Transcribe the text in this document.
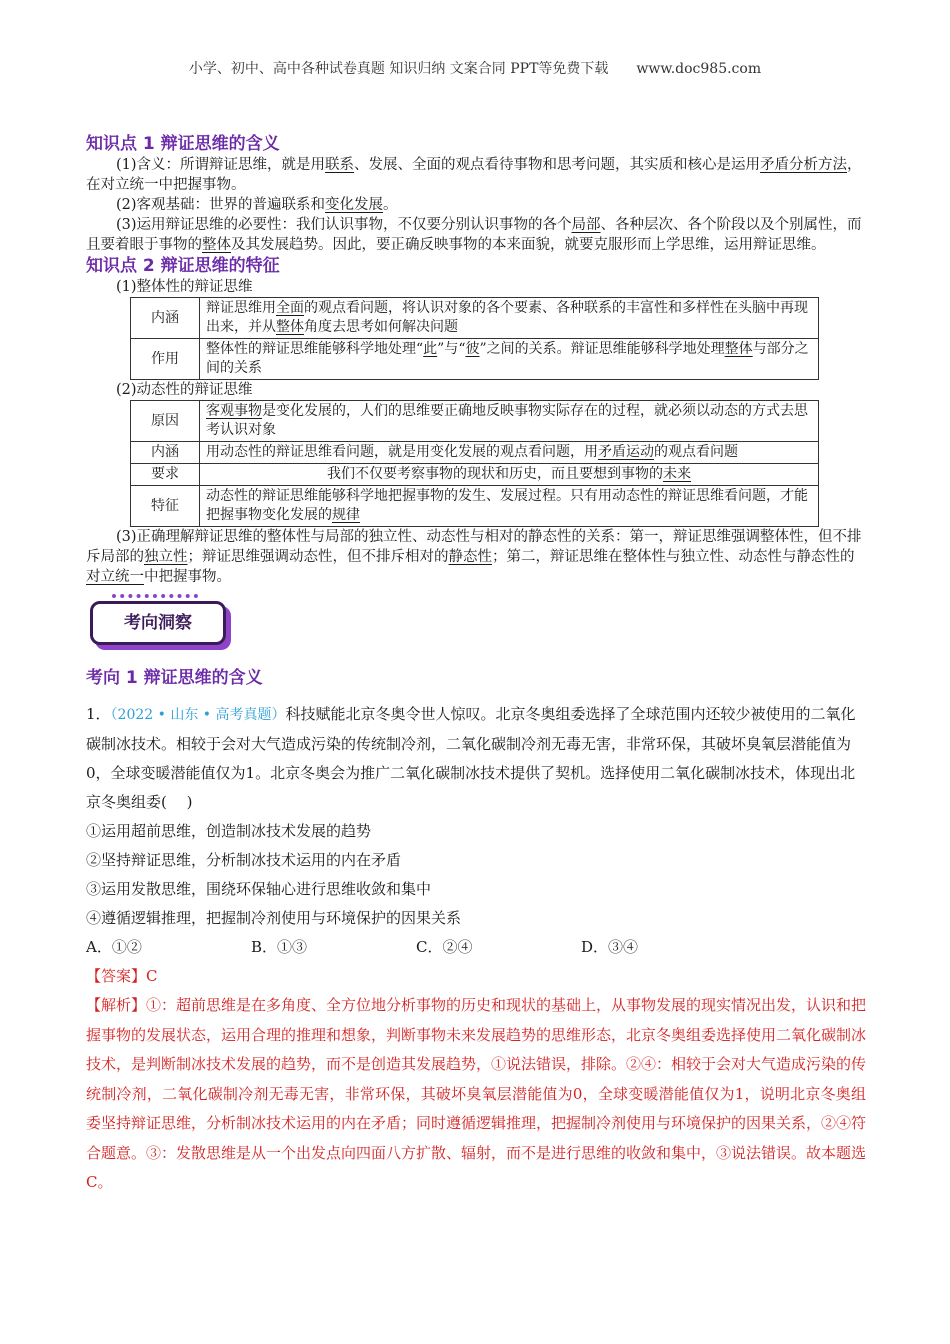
小学、初中、高中各种试卷真题 知识归纳 文案合同 PPT等免费下载　　www.doc985.com
知识点 1 辩证思维的含义
(1)含义：所谓辩证思维，就是用联系、发展、全面的观点看待事物和思考问题，其实质和核心是运用矛盾分析方法，在对立统一中把握事物。
(2)客观基础：世界的普遍联系和变化发展。
(3)运用辩证思维的必要性：我们认识事物，不仅要分别认识事物的各个局部、各种层次、各个阶段以及个别属性，而且要着眼于事物的整体及其发展趋势。因此，要正确反映事物的本来面貌，就要克服形而上学思维，运用辩证思维。
知识点 2 辩证思维的特征
(1)整体性的辩证思维
内涵	辩证思维用全面的观点看问题，将认识对象的各个要素、各种联系的丰富性和多样性在头脑中再现出来，并从整体角度去思考如何解决问题
作用	整体性的辩证思维能够科学地处理“此”与“彼”之间的关系。辩证思维能够科学地处理整体与部分之间的关系
(2)动态性的辩证思维
原因	客观事物是变化发展的，人们的思维要正确地反映事物实际存在的过程，就必须以动态的方式去思考认识对象
内涵	用动态性的辩证思维看问题，就是用变化发展的观点看问题，用矛盾运动的观点看问题
要求	我们不仅要考察事物的现状和历史，而且要想到事物的未来
特征	动态性的辩证思维能够科学地把握事物的发生、发展过程。只有用动态性的辩证思维看问题，才能把握事物变化发展的规律
(3)正确理解辩证思维的整体性与局部的独立性、动态性与相对的静态性的关系：第一，辩证思维强调整体性，但不排斥局部的独立性；辩证思维强调动态性，但不排斥相对的静态性；第二，辩证思维在整体性与独立性、动态性与静态性的对立统一中把握事物。
考向洞察
考向 1 辩证思维的含义
1．（2022 • 山东 • 高考真题）科技赋能北京冬奥令世人惊叹。北京冬奥组委选择了全球范围内还较少被使用的二氧化碳制冰技术。相较于会对大气造成污染的传统制冷剂，二氧化碳制冷剂无毒无害，非常环保，其破坏臭氧层潜能值为0，全球变暖潜能值仅为1。北京冬奥会为推广二氧化碳制冰技术提供了契机。选择使用二氧化碳制冰技术，体现出北京冬奥组委(　 )
①运用超前思维，创造制冰技术发展的趋势
②坚持辩证思维，分析制冰技术运用的内在矛盾
③运用发散思维，围绕环保轴心进行思维收敛和集中
④遵循逻辑推理，把握制冷剂使用与环境保护的因果关系
A．①②	B．①③	C．②④	D．③④
【答案】C
【解析】①：超前思维是在多角度、全方位地分析事物的历史和现状的基础上，从事物发展的现实情况出发，认识和把握事物的发展状态，运用合理的推理和想象，判断事物未来发展趋势的思维形态，北京冬奥组委选择使用二氧化碳制冰技术，是判断制冰技术发展的趋势，而不是创造其发展趋势，①说法错误，排除。②④：相较于会对大气造成污染的传统制冷剂，二氧化碳制冷剂无毒无害，非常环保，其破坏臭氧层潜能值为0，全球变暖潜能值仅为1，说明北京冬奥组委坚持辩证思维，分析制冰技术运用的内在矛盾；同时遵循逻辑推理，把握制冷剂使用与环境保护的因果关系，②④符合题意。③：发散思维是从一个出发点向四面八方扩散、辐射，而不是进行思维的收敛和集中，③说法错误。故本题选C。
